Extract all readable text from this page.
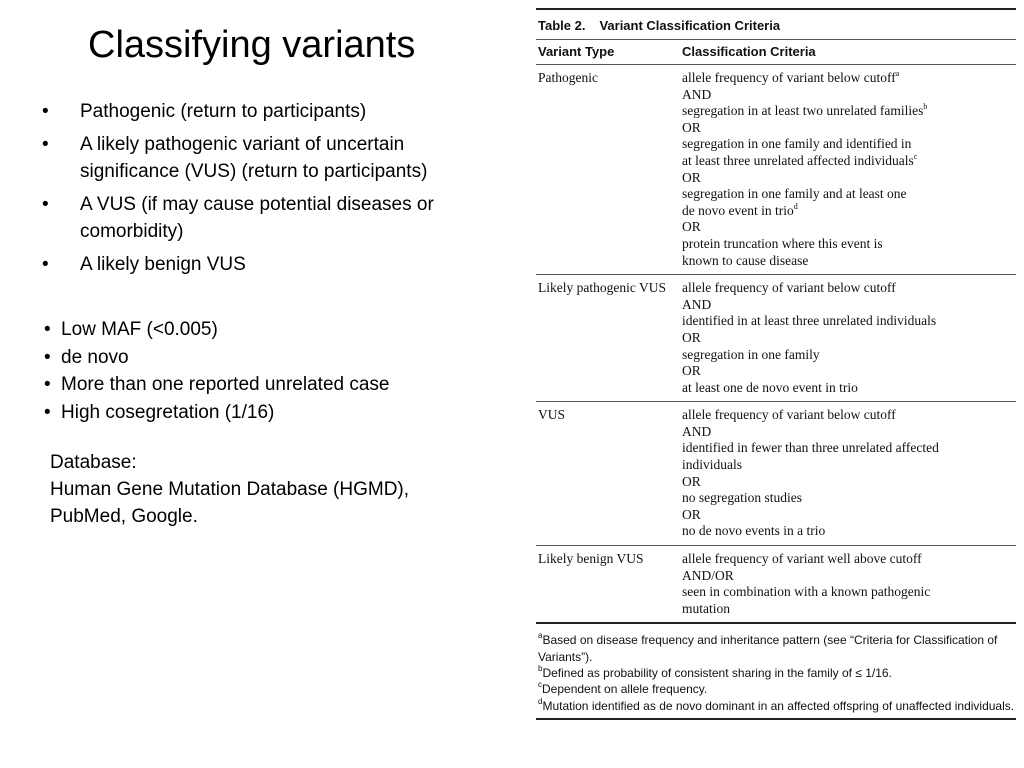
Classifying variants
• Pathogenic (return to participants)
• A likely pathogenic variant of uncertain significance (VUS) (return to participants)
• A VUS (if may cause potential diseases or comorbidity)
• A likely benign VUS
• Low MAF (<0.005)
• de novo
• More than one reported unrelated case
• High cosegretation (1/16)
Database:
Human Gene Mutation Database (HGMD),
PubMed, Google.
Table 2. Variant Classification Criteria
Variant Type	Classification Criteria
Pathogenic	allele frequency of variant below cutoff$^a$
AND
segregation in at least two unrelated families$^b$
OR
segregation in one family and identified in
at least three unrelated affected individuals$^c$
OR
segregation in one family and at least one
de novo event in trio$^d$
OR
protein truncation where this event is
known to cause disease
Likely pathogenic VUS	allele frequency of variant below cutoff
AND
identified in at least three unrelated individuals
OR
segregation in one family
OR
at least one de novo event in trio
VUS	allele frequency of variant below cutoff
AND
identified in fewer than three unrelated affected
individuals
OR
no segregation studies
OR
no de novo events in a trio
Likely benign VUS	allele frequency of variant well above cutoff
AND/OR
seen in combination with a known pathogenic
mutation

$^a$Based on disease frequency and inheritance pattern (see “Criteria for Classification of Variants”).

$^b$Defined as probability of consistent sharing in the family of ≤ 1/16.

$^c$Dependent on allele frequency.

$^d$Mutation identified as de novo dominant in an affected offspring of unaffected individuals.
